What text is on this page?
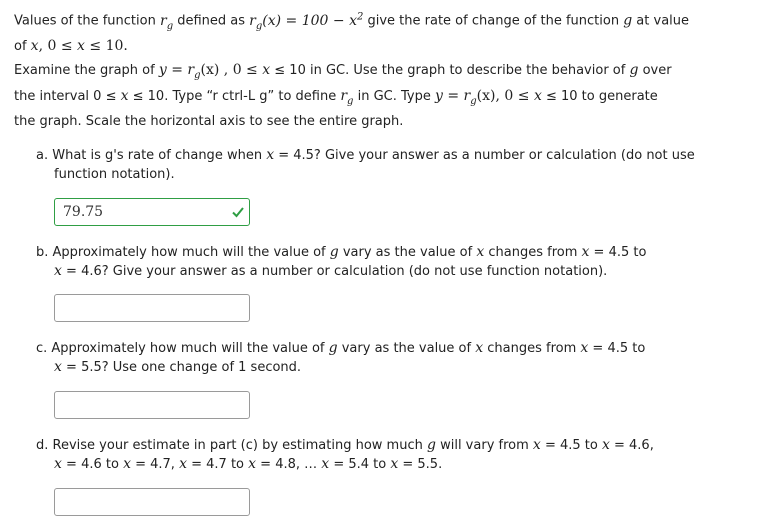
Values of the function $r_g$ defined as $r_g(x) = 100 - x^2$ give the rate of change of the function g at value
of x, 0 ≤ x ≤ 10.
Examine the graph of $y = r_g(x)$ , 0 ≤ x ≤ 10 in GC. Use the graph to describe the behavior of g over
the interval 0 ≤ x ≤ 10. Type “r ctrl-L g” to define $r_g$ in GC. Type $y = r_g(x)$, 0 ≤ x ≤ 10 to generate
the graph. Scale the horizontal axis to see the entire graph.
a. What is g's rate of change when x = 4.5? Give your answer as a number or calculation (do not use
function notation).
79.75
b. Approximately how much will the value of g vary as the value of x changes from x = 4.5 to
x = 4.6? Give your answer as a number or calculation (do not use function notation).
c. Approximately how much will the value of g vary as the value of x changes from x = 4.5 to
x = 5.5? Use one change of 1 second.
d. Revise your estimate in part (c) by estimating how much g will vary from x = 4.5 to x = 4.6,
x = 4.6 to x = 4.7, x = 4.7 to x = 4.8, … x = 5.4 to x = 5.5.
